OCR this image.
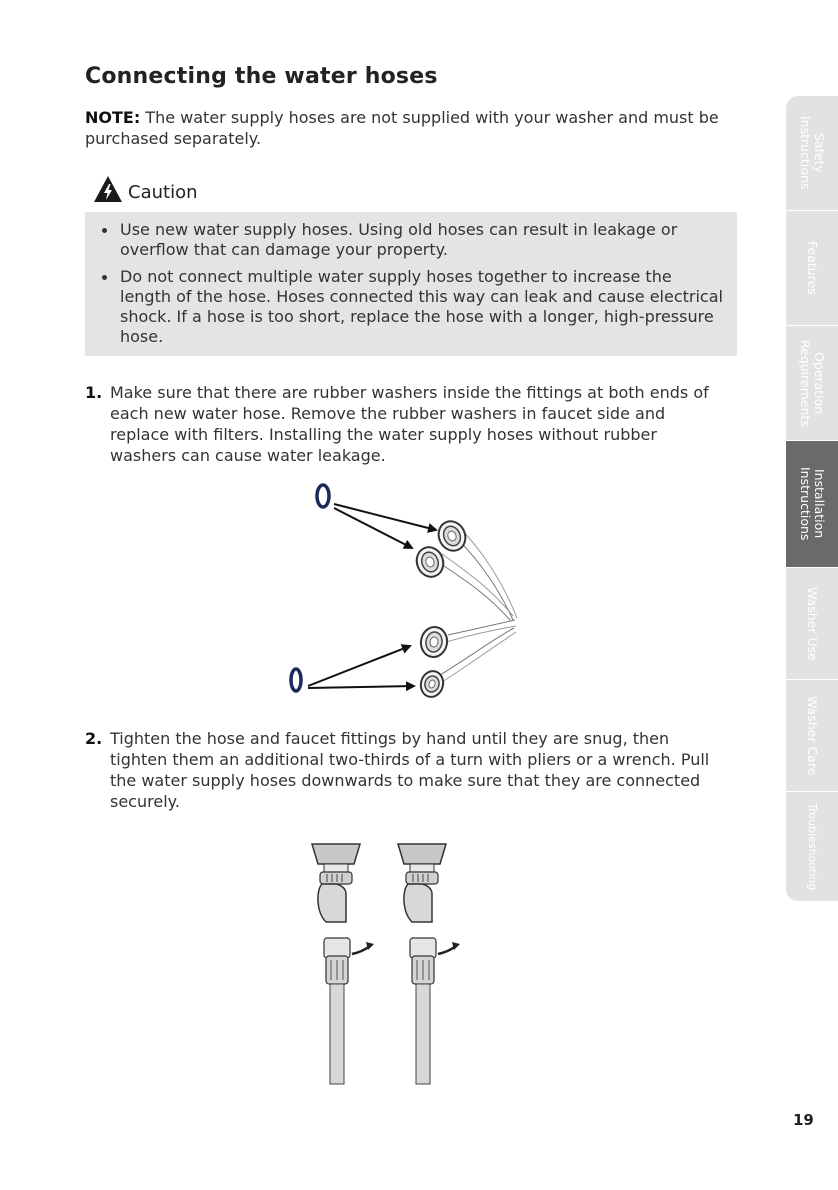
Connecting the water hoses
NOTE: The water supply hoses are not supplied with your washer and must be purchased separately.
Caution
Use new water supply hoses. Using old hoses can result in leakage or overflow that can damage your property.
Do not connect multiple water supply hoses together to increase the length of the hose. Hoses connected this way can leak and cause electrical shock. If a hose is too short, replace the hose with a longer, high-pressure hose.
1. Make sure that there are rubber washers inside the fittings at both ends of each new water hose. Remove the rubber washers in faucet side and replace with filters. Installing the water supply hoses without rubber washers can cause water leakage.
2. Tighten the hose and faucet fittings by hand until they are snug, then tighten them an additional two-thirds of a turn with pliers or a wrench. Pull the water supply hoses downwards to make sure that they are connected securely.
Safety
Instructions
Features
Operation
Requirements
Installation
Instructions
Washer Use
Washer Care
Troubleshooting
19
